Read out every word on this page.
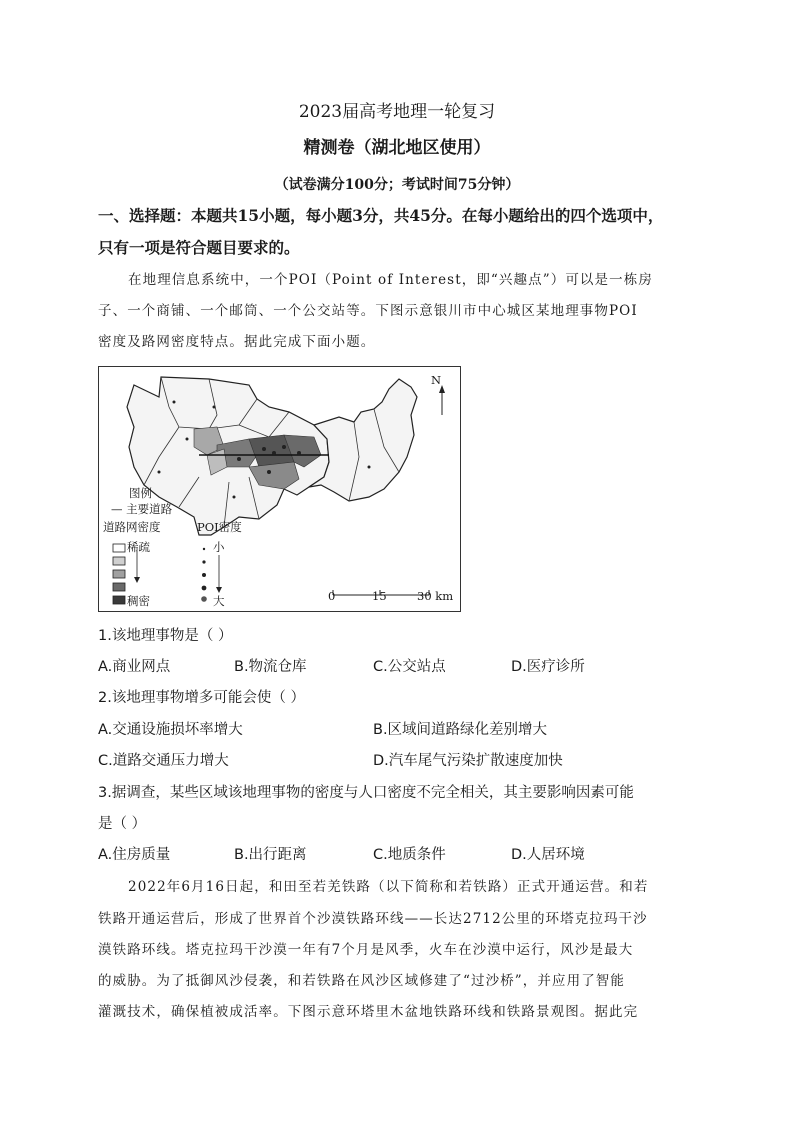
2023届高考地理一轮复习
精测卷（湖北地区使用）
（试卷满分100分；考试时间75分钟）
一、选择题：本题共15小题，每小题3分，共45分。在每小题给出的四个选项中，
只有一项是符合题目要求的。
在地理信息系统中，一个POI（Point of Interest，即“兴趣点”）可以是一栋房
子、一个商铺、一个邮筒、一个公交站等。下图示意银川市中心城区某地理事物POI
密度及路网密度特点。据此完成下面小题。
N
图例
— 主要道路
道路网密度
稀疏
稠密
POI密度
小
大	0	15	30 km
1.该地理事物是（ ）
A.商业网点	B.物流仓库	C.公交站点	D.医疗诊所
2.该地理事物增多可能会使（ ）
A.交通设施损坏率增大	B.区域间道路绿化差别增大
C.道路交通压力增大	D.汽车尾气污染扩散速度加快
3.据调查，某些区域该地理事物的密度与人口密度不完全相关，其主要影响因素可能
是（ ）
A.住房质量	B.出行距离	C.地质条件	D.人居环境
2022年6月16日起，和田至若羌铁路（以下简称和若铁路）正式开通运营。和若
铁路开通运营后，形成了世界首个沙漠铁路环线——长达2712公里的环塔克拉玛干沙
漠铁路环线。塔克拉玛干沙漠一年有7个月是风季，火车在沙漠中运行，风沙是最大
的威胁。为了抵御风沙侵袭，和若铁路在风沙区域修建了“过沙桥”，并应用了智能
灌溉技术，确保植被成活率。下图示意环塔里木盆地铁路环线和铁路景观图。据此完
